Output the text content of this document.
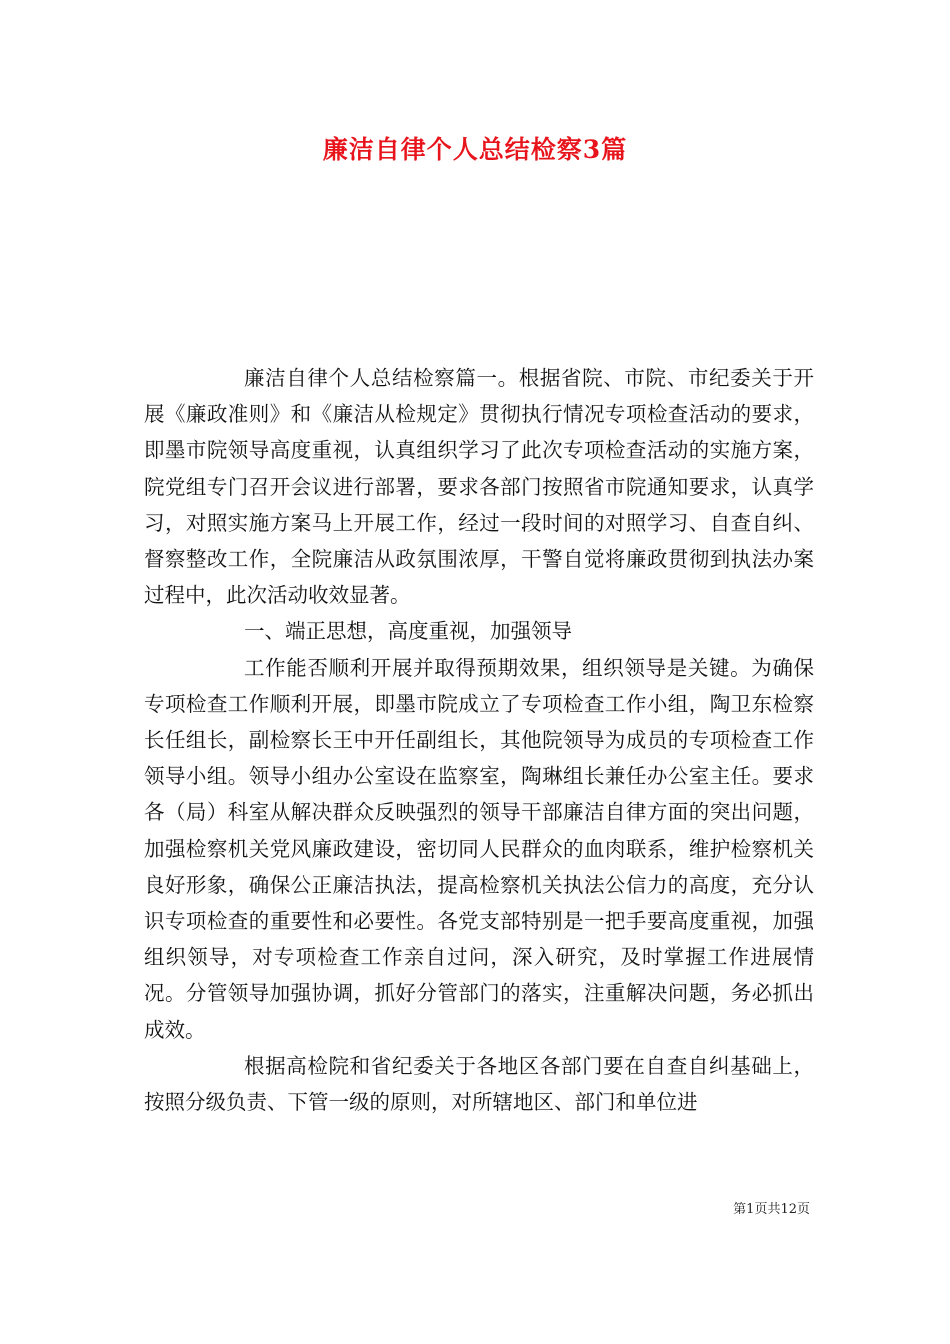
廉洁自律个人总结检察3篇

廉洁自律个人总结检察篇一。根据省院、市院、市纪委关于开展《廉政准则》和《廉洁从检规定》贯彻执行情况专项检查活动的要求，即墨市院领导高度重视，认真组织学习了此次专项检查活动的实施方案，院党组专门召开会议进行部署，要求各部门按照省市院通知要求，认真学习，对照实施方案马上开展工作，经过一段时间的对照学习、自查自纠、督察整改工作，全院廉洁从政氛围浓厚，干警自觉将廉政贯彻到执法办案过程中，此次活动收效显著。

一、端正思想，高度重视，加强领导

工作能否顺利开展并取得预期效果，组织领导是关键。为确保专项检查工作顺利开展，即墨市院成立了专项检查工作小组，陶卫东检察长任组长，副检察长王中开任副组长，其他院领导为成员的专项检查工作领导小组。领导小组办公室设在监察室，陶琳组长兼任办公室主任。要求各（局）科室从解决群众反映强烈的领导干部廉洁自律方面的突出问题，加强检察机关党风廉政建设，密切同人民群众的血肉联系，维护检察机关良好形象，确保公正廉洁执法，提高检察机关执法公信力的高度，充分认识专项检查的重要性和必要性。各党支部特别是一把手要高度重视，加强组织领导，对专项检查工作亲自过问，深入研究，及时掌握工作进展情况。分管领导加强协调，抓好分管部门的落实，注重解决问题，务必抓出成效。

根据高检院和省纪委关于各地区各部门要在自查自纠基础上，按照分级负责、下管一级的原则，对所辖地区、部门和单位进

第1页共12页
